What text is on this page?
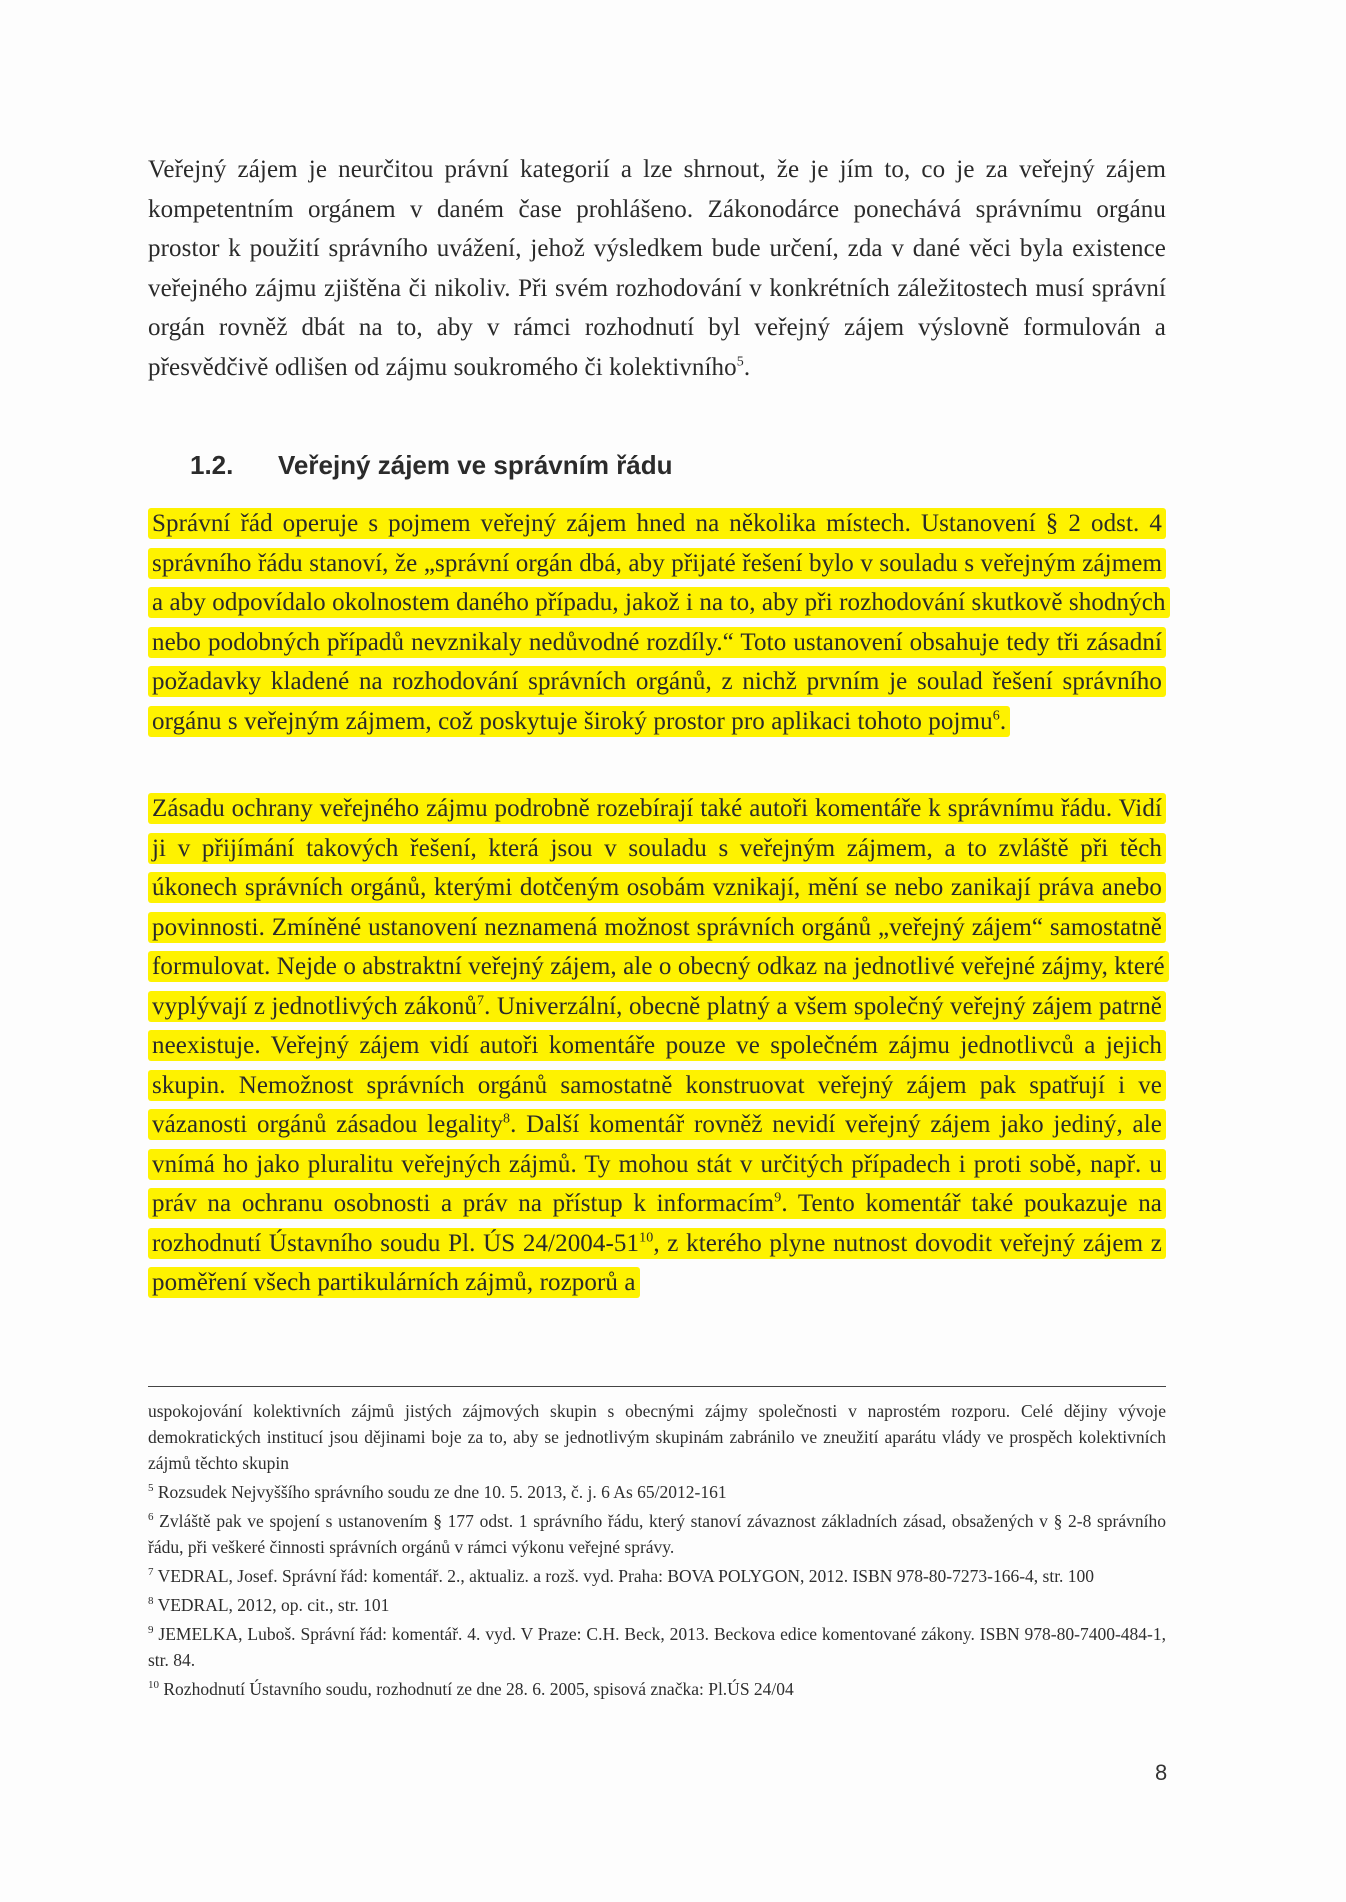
Veřejný zájem je neurčitou právní kategorií a lze shrnout, že je jím to, co je za veřejný zájem kompetentním orgánem v daném čase prohlášeno. Zákonodárce ponechává správnímu orgánu prostor k použití správního uvážení, jehož výsledkem bude určení, zda v dané věci byla existence veřejného zájmu zjištěna či nikoliv. Při svém rozhodování v konkrétních záležitostech musí správní orgán rovněž dbát na to, aby v rámci rozhodnutí byl veřejný zájem výslovně formulován a přesvědčivě odlišen od zájmu soukromého či kolektivního$^5$.

1.2. Veřejný zájem ve správním řádu

Správní řád operuje s pojmem veřejný zájem hned na několika místech. Ustanovení § 2 odst. 4 správního řádu stanoví, že „správní orgán dbá, aby přijaté řešení bylo v souladu s veřejným zájmem a aby odpovídalo okolnostem daného případu, jakož i na to, aby při rozhodování skutkově shodných nebo podobných případů nevznikaly nedůvodné rozdíly.“ Toto ustanovení obsahuje tedy tři zásadní požadavky kladené na rozhodování správních orgánů, z nichž prvním je soulad řešení správního orgánu s veřejným zájmem, což poskytuje široký prostor pro aplikaci tohoto pojmu$^6$.

Zásadu ochrany veřejného zájmu podrobně rozebírají také autoři komentáře k správnímu řádu. Vidí ji v přijímání takových řešení, která jsou v souladu s veřejným zájmem, a to zvláště při těch úkonech správních orgánů, kterými dotčeným osobám vznikají, mění se nebo zanikají práva anebo povinnosti. Zmíněné ustanovení neznamená možnost správních orgánů „veřejný zájem“ samostatně formulovat. Nejde o abstraktní veřejný zájem, ale o obecný odkaz na jednotlivé veřejné zájmy, které vyplývají z jednotlivých zákonů$^7$. Univerzální, obecně platný a všem společný veřejný zájem patrně neexistuje. Veřejný zájem vidí autoři komentáře pouze ve společném zájmu jednotlivců a jejich skupin. Nemožnost správních orgánů samostatně konstruovat veřejný zájem pak spatřují i ve vázanosti orgánů zásadou legality$^8$. Další komentář rovněž nevidí veřejný zájem jako jediný, ale vnímá ho jako pluralitu veřejných zájmů. Ty mohou stát v určitých případech i proti sobě, např. u práv na ochranu osobnosti a práv na přístup k informacím$^9$. Tento komentář také poukazuje na rozhodnutí Ústavního soudu Pl. ÚS $24/2004-51^{10}$, z kterého plyne nutnost dovodit veřejný zájem z poměření všech partikulárních zájmů, rozporů a

uspokojování kolektivních zájmů jistých zájmových skupin s obecnými zájmy společnosti v naprostém rozporu. Celé dějiny vývoje demokratických institucí jsou dějinami boje za to, aby se jednotlivým skupinám zabránilo ve zneužití aparátu vlády ve prospěch kolektivních zájmů těchto skupin

$^5$ Rozsudek Nejvyššího správního soudu ze dne 10. 5. 2013, č. j. 6 As 65/2012-161

$^6$ Zvláště pak ve spojení s ustanovením § 177 odst. 1 správního řádu, který stanoví závaznost základních zásad, obsažených v § 2-8 správního řádu, při veškeré činnosti správních orgánů v rámci výkonu veřejné správy.

$^7$ VEDRAL, Josef. Správní řád: komentář. 2., aktualiz. a rozš. vyd. Praha: BOVA POLYGON, 2012. ISBN 978-80-7273-166-4, str. 100

$^8$ VEDRAL, 2012, op. cit., str. 101

$^9$ JEMELKA, Luboš. Správní řád: komentář. 4. vyd. V Praze: C.H. Beck, 2013. Beckova edice komentované zákony. ISBN 978-80-7400-484-1, str. 84.

$^{10}$ Rozhodnutí Ústavního soudu, rozhodnutí ze dne 28. 6. 2005, spisová značka: Pl.ÚS 24/04

8
